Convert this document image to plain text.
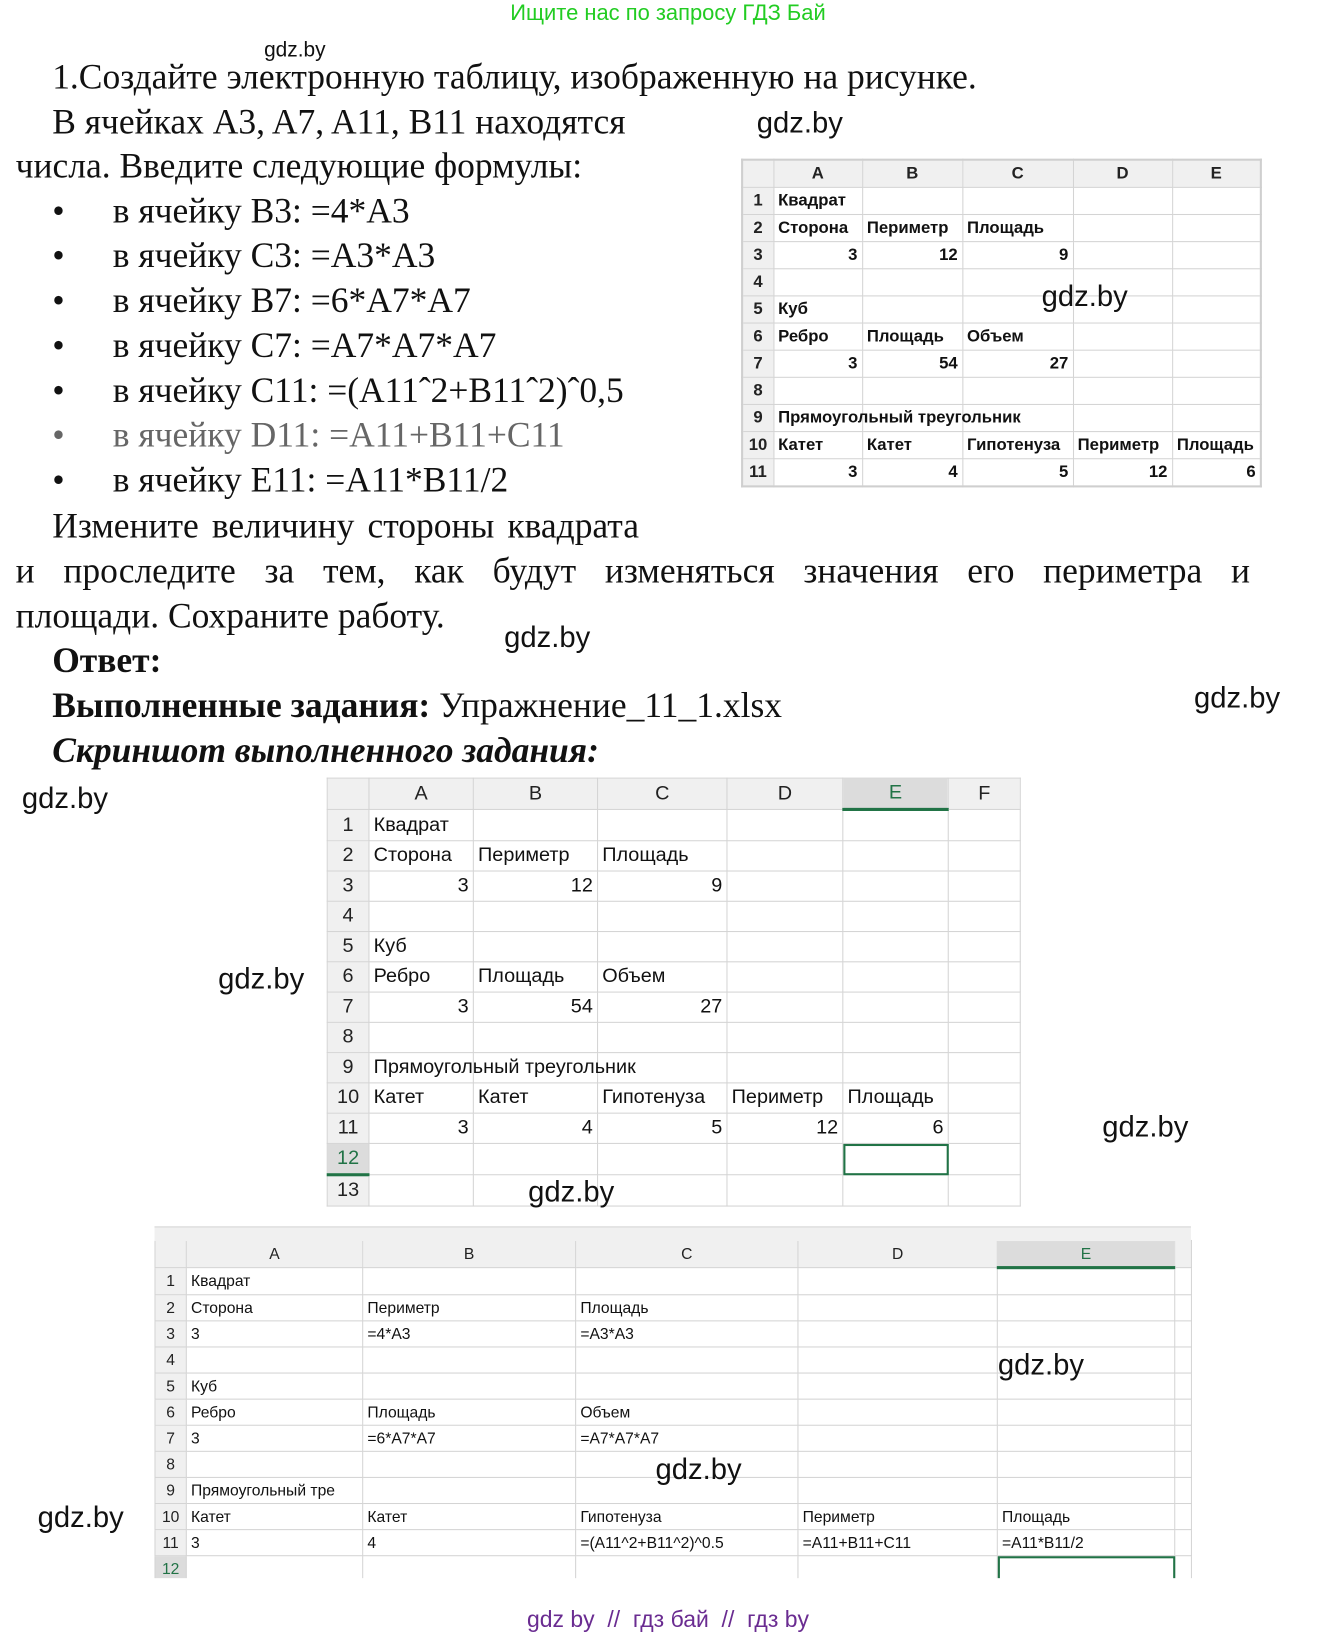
Ищите нас по запросу ГДЗ Бай
1.Создайте электронную таблицу, изображенную на рисунке.
В ячейках A3, A7, A11, B11 находятся
числа. Введите следующие формулы:
• в ячейку B3: =4*A3
• в ячейку C3: =A3*A3
• в ячейку B7: =6*A7*A7
• в ячейку C7: =A7*A7*A7
• в ячейку C11: =(A11ˆ2+B11ˆ2)ˆ0,5
• в ячейку D11: =A11+B11+C11
• в ячейку E11: =A11*B11/2
Измените величину стороны квадрата
и проследите за тем, как будут изменяться значения его периметра и
площади. Сохраните работу.
Ответ:
Выполненные задания: Упражнение_11_1.xlsx
Скриншот выполненного задания:
	A	B	C	D	E
1	Квадрат				
2	Сторона	Периметр	Площадь		
3	3	12	9		
4					
5	Куб				
6	Ребро	Площадь	Объем		
7	3	54	27		
8					
9	Прямоугольный треугольник				
10	Катет	Катет	Гипотенуза	Периметр	Площадь
11	3	4	5	12	6
	A	B	C	D	E	F
1	Квадрат					
2	Сторона	Периметр	Площадь			
3	3	12	9			
4						
5	Куб					
6	Ребро	Площадь	Объем			
7	3	54	27			
8						
9	Прямоугольный треугольник					
10	Катет	Катет	Гипотенуза	Периметр	Площадь	
11	3	4	5	12	6	
12						
13						
	A	B	C	D	E	
1	Квадрат					
2	Сторона	Периметр	Площадь			
3	3	=4*A3	=A3*A3			
4						
5	Куб					
6	Ребро	Площадь	Объем			
7	3	=6*A7*A7	=A7*A7*A7			
8						
9	Прямоугольный тре					
10	Катет	Катет	Гипотенуза	Периметр	Площадь	
11	3	4	=(A11^2+B11^2)^0.5	=A11+B11+C11	=A11*B11/2	
12						
gdz.by
gdz.by
gdz.by
gdz.by
gdz.by
gdz.by
gdz.by
gdz.by
gdz.by
gdz.by
gdz.by
gdz.by
gdz by  //  гдз бай  //  гдз by
